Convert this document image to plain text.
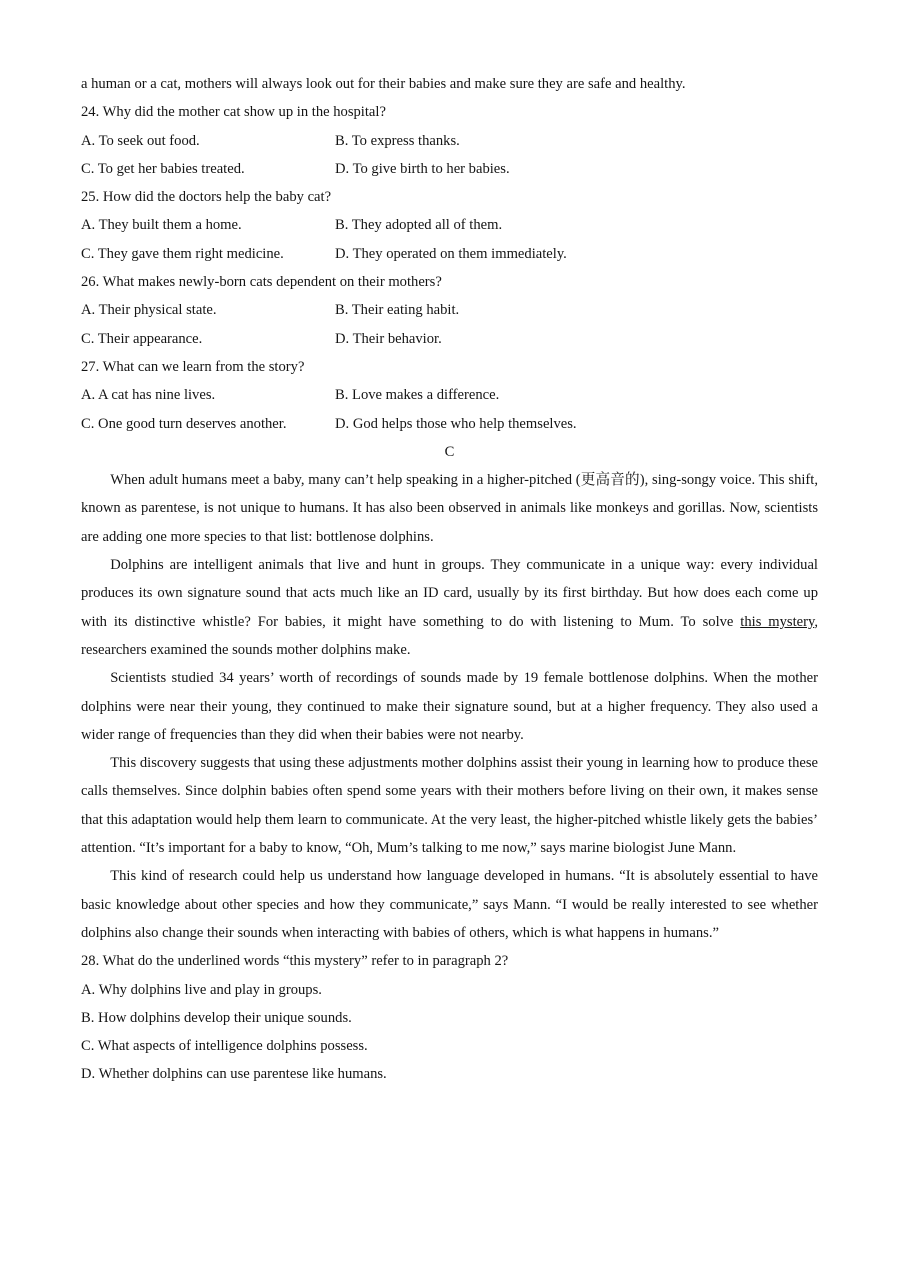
a human or a cat, mothers will always look out for their babies and make sure they are safe and healthy.
24. Why did the mother cat show up in the hospital?
A. To seek out food.	B. To express thanks.
C. To get her babies treated.	D. To give birth to her babies.
25. How did the doctors help the baby cat?
A. They built them a home.	B. They adopted all of them.
C. They gave them right medicine.	D. They operated on them immediately.
26. What makes newly-born cats dependent on their mothers?
A. Their physical state.	B. Their eating habit.
C. Their appearance.	D. Their behavior.
27. What can we learn from the story?
A. A cat has nine lives.	B. Love makes a difference.
C. One good turn deserves another.	D. God helps those who help themselves.
C

When adult humans meet a baby, many can’t help speaking in a higher-pitched (更高音的), sing-songy voice. This shift, known as parentese, is not unique to humans. It has also been observed in animals like monkeys and gorillas. Now, scientists are adding one more species to that list: bottlenose dolphins.

Dolphins are intelligent animals that live and hunt in groups. They communicate in a unique way: every individual produces its own signature sound that acts much like an ID card, usually by its first birthday. But how does each come up with its distinctive whistle? For babies, it might have something to do with listening to Mum. To solve this mystery, researchers examined the sounds mother dolphins make.

Scientists studied 34 years’ worth of recordings of sounds made by 19 female bottlenose dolphins. When the mother dolphins were near their young, they continued to make their signature sound, but at a higher frequency. They also used a wider range of frequencies than they did when their babies were not nearby.

This discovery suggests that using these adjustments mother dolphins assist their young in learning how to produce these calls themselves. Since dolphin babies often spend some years with their mothers before living on their own, it makes sense that this adaptation would help them learn to communicate. At the very least, the higher-pitched whistle likely gets the babies’ attention. “It’s important for a baby to know, “Oh, Mum’s talking to me now,” says marine biologist June Mann.

This kind of research could help us understand how language developed in humans. “It is absolutely essential to have basic knowledge about other species and how they communicate,” says Mann. “I would be really interested to see whether dolphins also change their sounds when interacting with babies of others, which is what happens in humans.”

28. What do the underlined words “this mystery” refer to in paragraph 2?
A. Why dolphins live and play in groups.
B. How dolphins develop their unique sounds.
C. What aspects of intelligence dolphins possess.
D. Whether dolphins can use parentese like humans.
